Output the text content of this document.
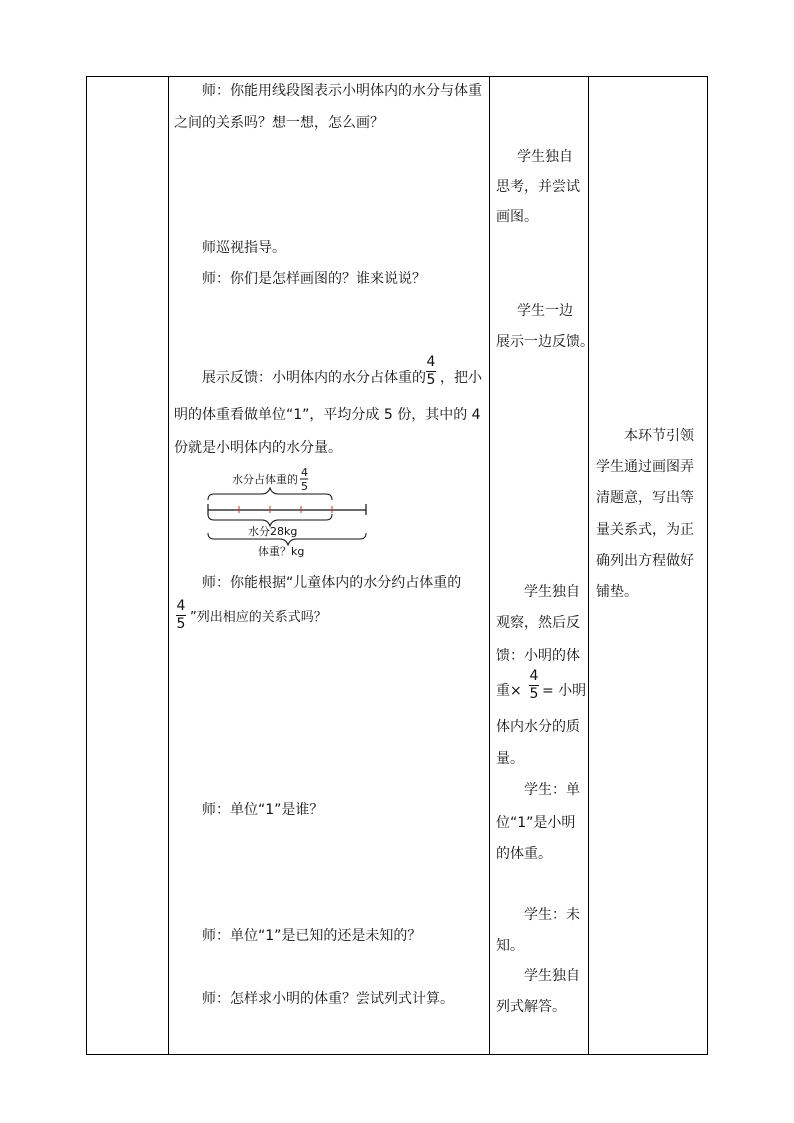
师：你能用线段图表示小明体内的水分与体重
之间的关系吗？想一想，怎么画？
师巡视指导。
师：你们是怎样画图的？谁来说说？
展示反馈：小明体内的水分占体重的
4
5 ，把小
明的体重看做单位“1”，平均分成 5 份，其中的 4
份就是小明体内的水分量。
水分占体重的
4
5
水分28kg
体重？kg
师：你能根据“儿童体内的水分约占体重的
4
5 ”列出相应的关系式吗？
师：单位“1”是谁？
师：单位“1”是已知的还是未知的？
师：怎样求小明的体重？尝试列式计算。
学生独自
思考，并尝试
画图。
学生一边
展示一边反馈。
学生独自
观察，然后反
馈：小明的体
重×
4
5 = 小明
体内水分的质
量。
学生：单
位“1”是小明
的体重。
学生：未
知。
学生独自
列式解答。
本环节引领
学生通过画图弄
清题意，写出等
量关系式，为正
确列出方程做好
铺垫。
